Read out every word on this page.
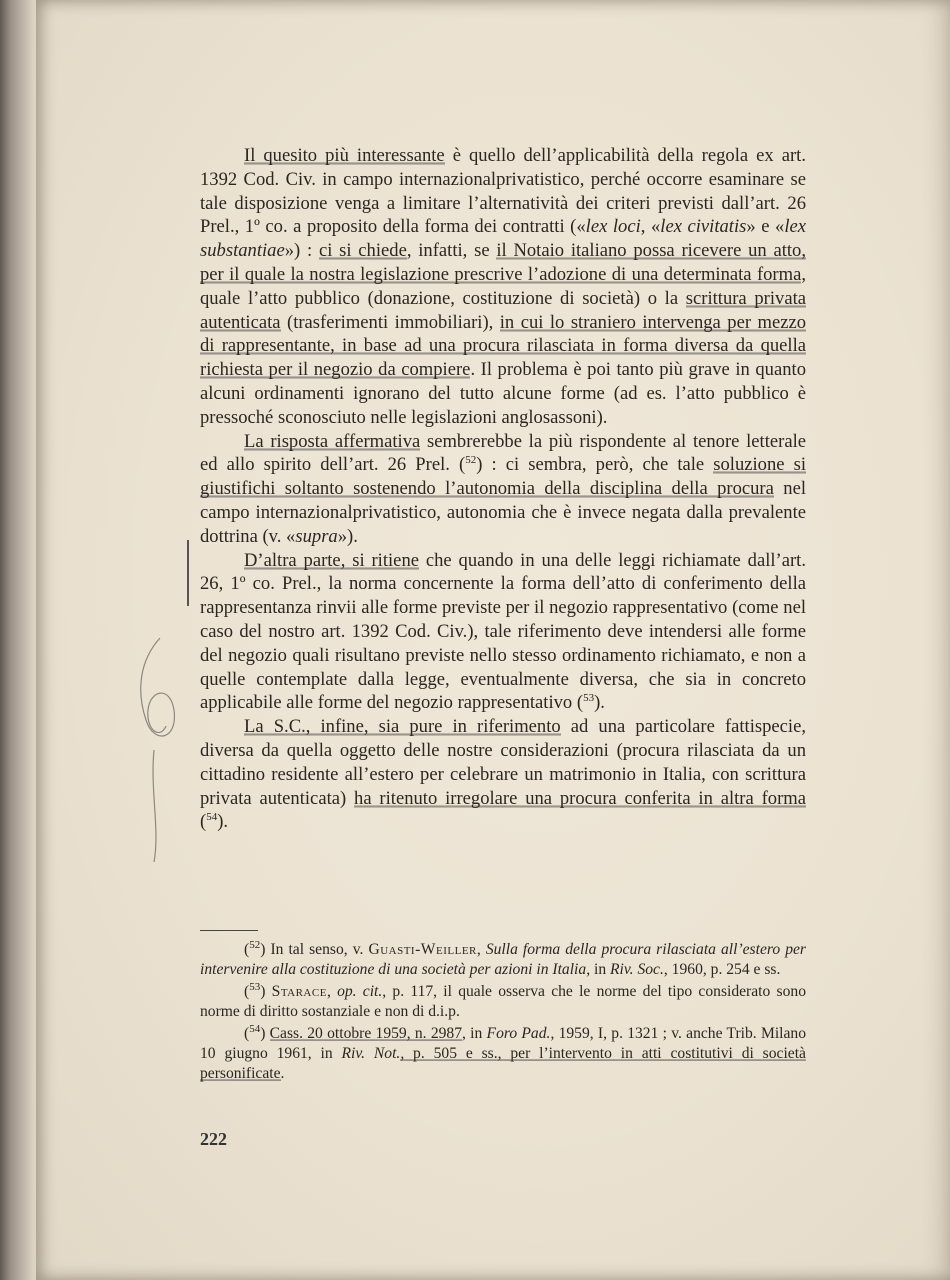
Il quesito più interessante è quello dell’applicabilità della regola ex art. 1392 Cod. Civ. in campo internazionalprivatistico, perché occorre esaminare se tale disposizione venga a limitare l’alternatività dei criteri previsti dall’art. 26 Prel., 1º co. a proposito della forma dei contratti («lex loci, «lex civitatis» e «lex substantiae») : ci si chiede, infatti, se il Notaio italiano possa ricevere un atto, per il quale la nostra legislazione prescrive l’adozione di una determinata forma, quale l’atto pubblico (donazione, costituzione di società) o la scrittura privata autenticata (trasferimenti immobiliari), in cui lo straniero intervenga per mezzo di rappresentante, in base ad una procura rilasciata in forma diversa da quella richiesta per il negozio da compiere. Il problema è poi tanto più grave in quanto alcuni ordinamenti ignorano del tutto alcune forme (ad es. l’atto pubblico è pressoché sconosciuto nelle legislazioni anglosassoni).

La risposta affermativa sembrerebbe la più rispondente al tenore letterale ed allo spirito dell’art. 26 Prel. ($^{52}$) : ci sembra, però, che tale soluzione si giustifichi soltanto sostenendo l’autonomia della disciplina della procura nel campo internazionalprivatistico, autonomia che è invece negata dalla prevalente dottrina (v. «supra»).

D’altra parte, si ritiene che quando in una delle leggi richiamate dall’art. 26, 1º co. Prel., la norma concernente la forma dell’atto di conferimento della rappresentanza rinvii alle forme previste per il negozio rappresentativo (come nel caso del nostro art. 1392 Cod. Civ.), tale riferimento deve intendersi alle forme del negozio quali risultano previste nello stesso ordinamento richiamato, e non a quelle contemplate dalla legge, eventualmente diversa, che sia in concreto applicabile alle forme del negozio rappresentativo ($^{53}$).

La S.C., infine, sia pure in riferimento ad una particolare fattispecie, diversa da quella oggetto delle nostre considerazioni (procura rilasciata da un cittadino residente all’estero per celebrare un matrimonio in Italia, con scrittura privata autenticata) ha ritenuto irregolare una procura conferita in altra forma ($^{54}$).

($^{52}$) In tal senso, v. Guasti-Weiller, Sulla forma della procura rilasciata all’estero per intervenire alla costituzione di una società per azioni in Italia, in Riv. Soc., 1960, p. 254 e ss.

($^{53}$) Starace, op. cit., p. 117, il quale osserva che le norme del tipo considerato sono norme di diritto sostanziale e non di d.i.p.

($^{54}$) Cass. 20 ottobre 1959, n. 2987, in Foro Pad., 1959, I, p. 1321 ; v. anche Trib. Milano 10 giugno 1961, in Riv. Not., p. 505 e ss., per l’intervento in atti costitutivi di società personificate.

222
